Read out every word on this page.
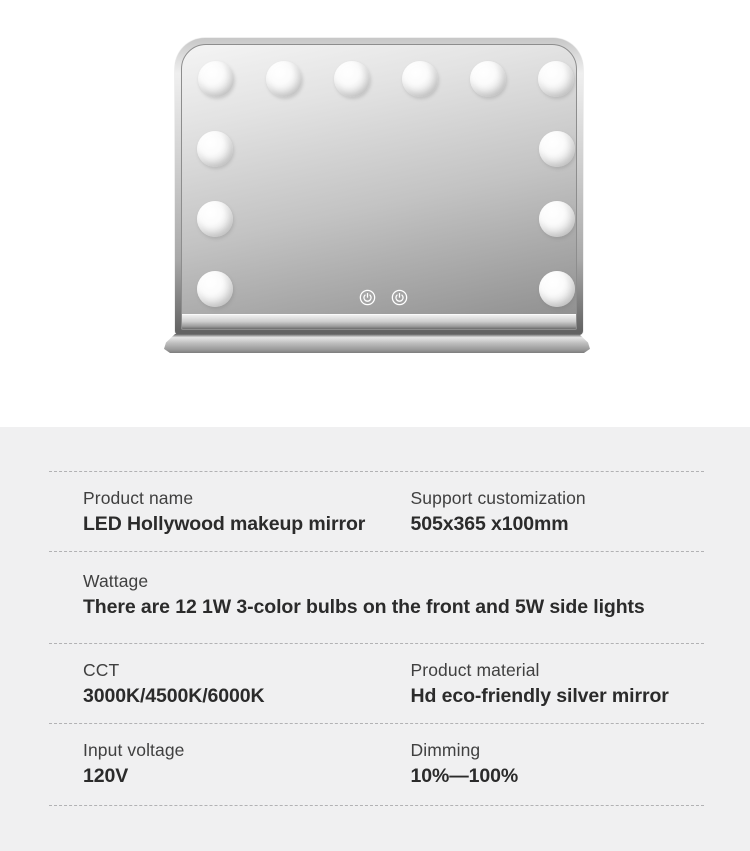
Product name
LED Hollywood makeup mirror
Support customization
505x365 x100mm
Wattage
There are 12 1W 3-color bulbs on the front and 5W side lights
CCT
3000K/4500K/6000K
Product material
Hd eco-friendly silver mirror
Input voltage
120V
Dimming
10%—100%
